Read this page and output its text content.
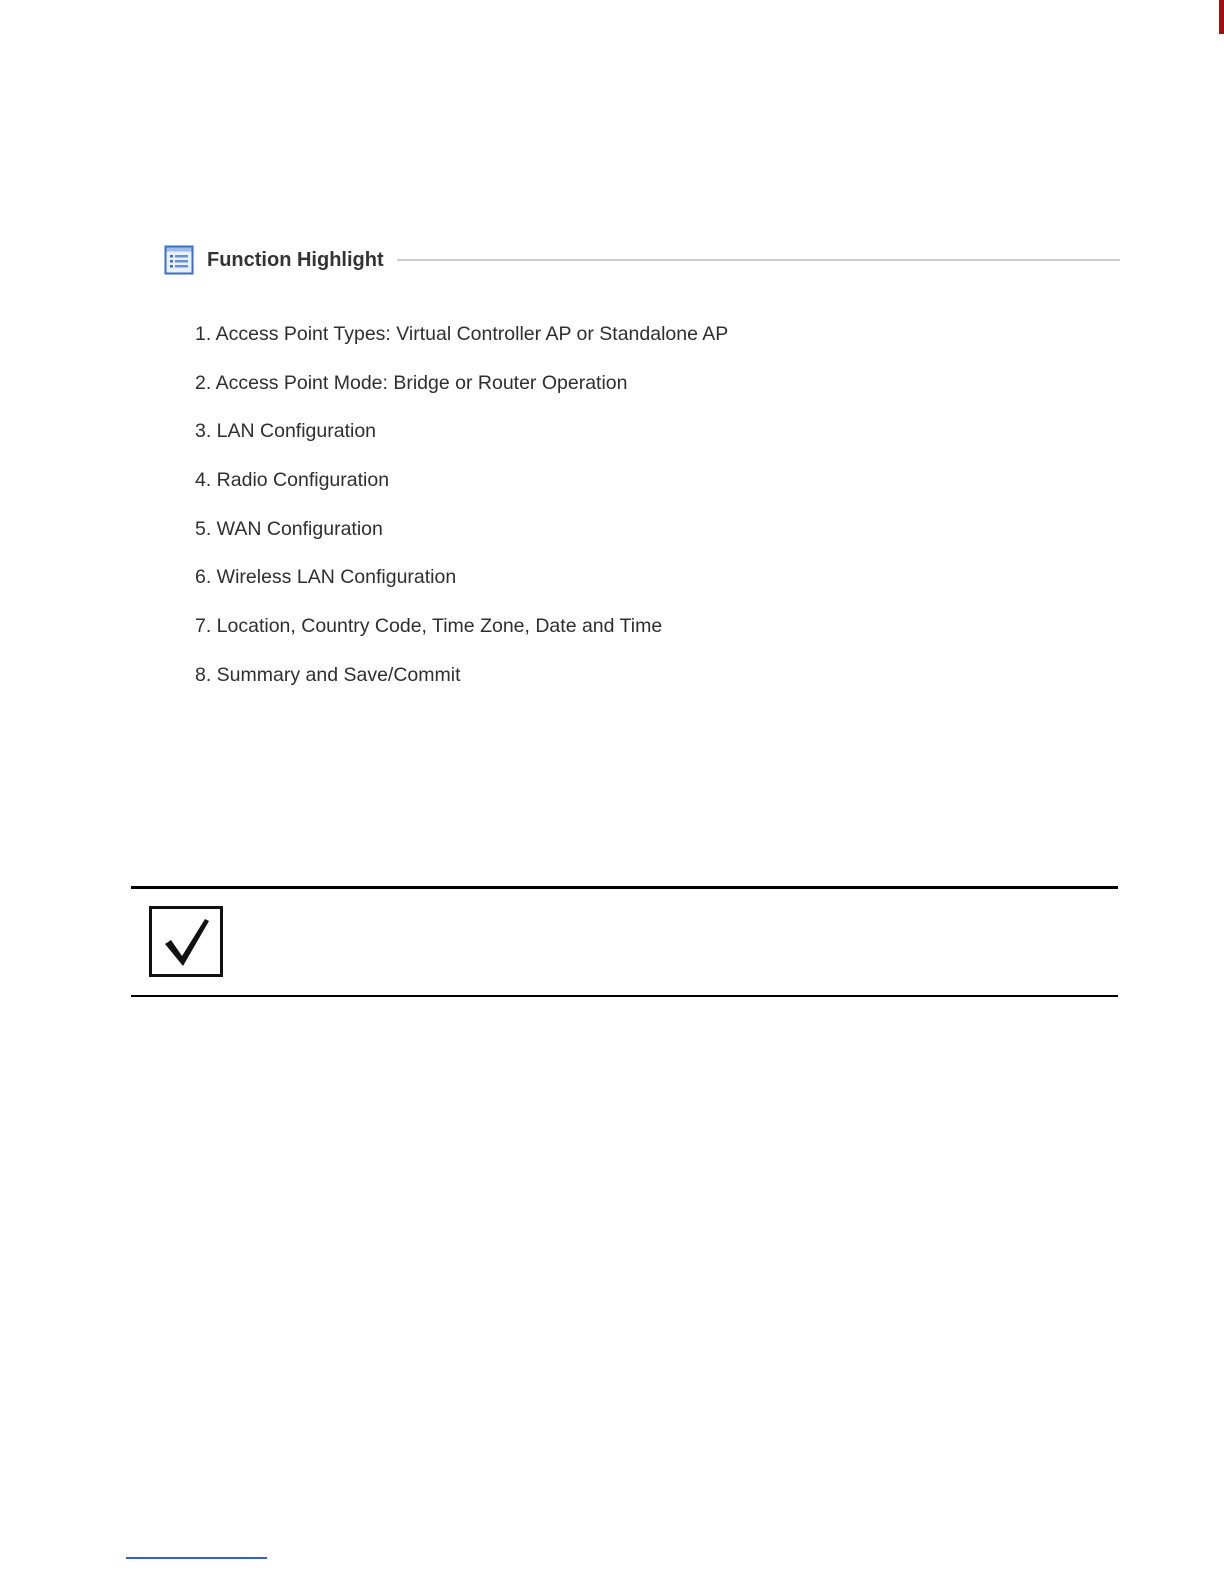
Function Highlight
1. Access Point Types: Virtual Controller AP or Standalone AP
2. Access Point Mode: Bridge or Router Operation
3. LAN Configuration
4. Radio Configuration
5. WAN Configuration
6. Wireless LAN Configuration
7. Location, Country Code, Time Zone, Date and Time
8. Summary and Save/Commit
